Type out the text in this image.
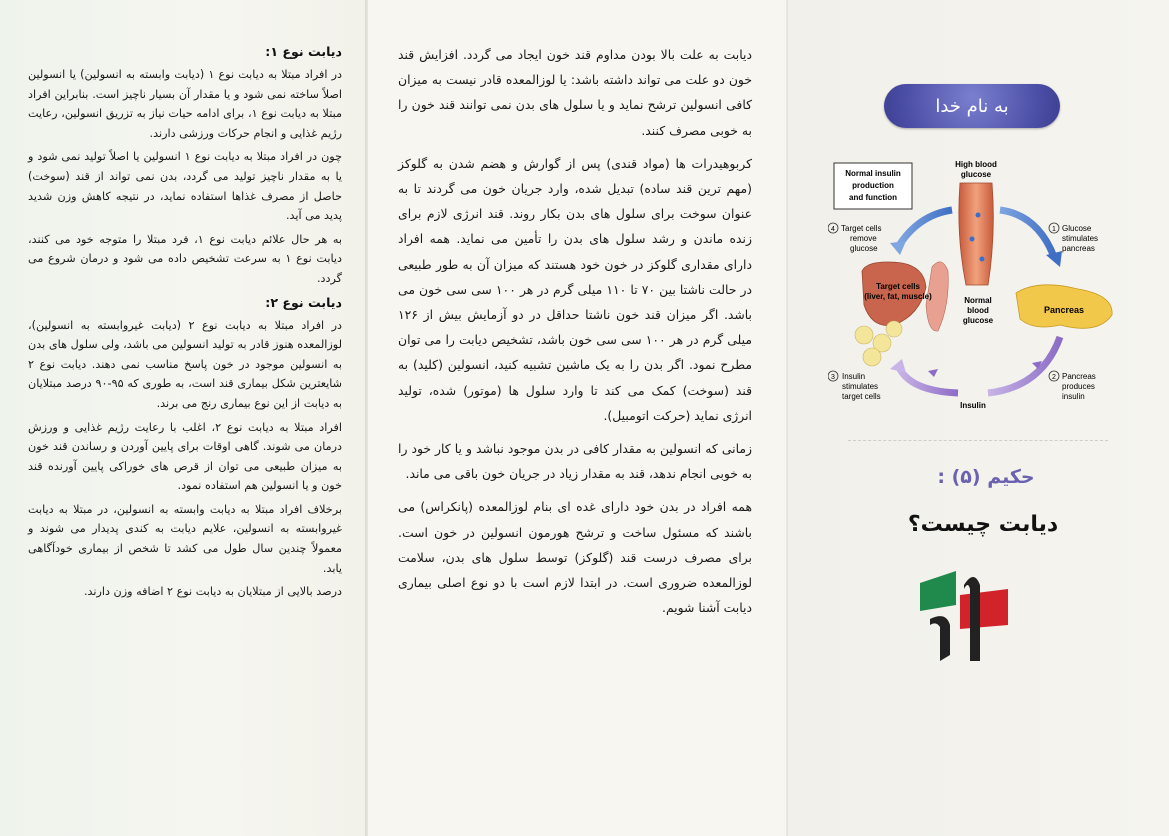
دیابت نوع ۱:

در افراد مبتلا به دیابت نوع ۱ (دیابت وابسته به انسولین) یا انسولین اصلاً ساخته نمی شود و یا مقدار آن بسیار ناچیز است. بنابراین افراد مبتلا به دیابت نوع ۱، برای ادامه حیات نیاز به تزریق انسولین، رعایت رژیم غذایی و انجام حرکات ورزشی دارند.

چون در افراد مبتلا به دیابت نوع ۱ انسولین یا اصلاً تولید نمی شود و یا به مقدار ناچیز تولید می گردد، بدن نمی تواند از قند (سوخت) حاصل از مصرف غذاها استفاده نماید، در نتیجه کاهش وزن شدید پدید می آید.

به هر حال علائم دیابت نوع ۱، فرد مبتلا را متوجه خود می کنند، دیابت نوع ۱ به سرعت تشخیص داده می شود و درمان شروع می گردد.

دیابت نوع ۲:

در افراد مبتلا به دیابت نوع ۲ (دیابت غیروابسته به انسولین)، لوزالمعده هنوز قادر به تولید انسولین می باشد، ولی سلول های بدن به انسولین موجود در خون پاسخ مناسب نمی دهند. دیابت نوع ۲ شایعترین شکل بیماری قند است، به طوری که ۹۵-۹۰ درصد مبتلایان به دیابت از این نوع بیماری رنج می برند.

افراد مبتلا به دیابت نوع ۲، اغلب با رعایت رژیم غذایی و ورزش درمان می شوند. گاهی اوقات برای پایین آوردن و رساندن قند خون به میزان طبیعی می توان از قرص های خوراکی پایین آورنده قند خون و یا انسولین هم استفاده نمود.

برخلاف افراد مبتلا به دیابت وابسته به انسولین، در مبتلا به دیابت غیروابسته به انسولین، علایم دیابت به کندی پدیدار می شوند و معمولاً چندین سال طول می کشد تا شخص از بیماری خودآگاهی یابد.

درصد بالایی از مبتلایان به دیابت نوع ۲ اضافه وزن دارند.

دیابت به علت بالا بودن مداوم قند خون ایجاد می گردد. افزایش قند خون دو علت می تواند داشته باشد: یا لوزالمعده قادر نیست به میزان کافی انسولین ترشح نماید و یا سلول های بدن نمی توانند قند خون را به خوبی مصرف کنند.

کربوهیدرات ها (مواد قندی) پس از گوارش و هضم شدن به گلوکز (مهم ترین قند ساده) تبدیل شده، وارد جریان خون می گردند تا به عنوان سوخت برای سلول های بدن بکار روند. قند انرژی لازم برای زنده ماندن و رشد سلول های بدن را تأمین می نماید. همه افراد دارای مقداری گلوکز در خون خود هستند که میزان آن به طور طبیعی در حالت ناشتا بین ۷۰ تا ۱۱۰ میلی گرم در هر ۱۰۰ سی سی خون می باشد. اگر میزان قند خون ناشتا حداقل در دو آزمایش بیش از ۱۲۶ میلی گرم در هر ۱۰۰ سی سی خون باشد، تشخیص دیابت را می توان مطرح نمود. اگر بدن را به یک ماشین تشبیه کنید، انسولین (کلید) به قند (سوخت) کمک می کند تا وارد سلول ها (موتور) شده، تولید انرژی نماید (حرکت اتومبیل).

زمانی که انسولین به مقدار کافی در بدن موجود نباشد و یا کار خود را به خوبی انجام ندهد، قند به مقدار زیاد در جریان خون باقی می ماند.

همه افراد در بدن خود دارای غده ای بنام لوزالمعده (پانکراس) می باشند که مسئول ساخت و ترشح هورمون انسولین در خون است. برای مصرف درست قند (گلوکز) توسط سلول های بدن، سلامت لوزالمعده ضروری است. در ابتدا لازم است با دو نوع اصلی بیماری دیابت آشنا شویم.

به نام خدا
Normal insulin
production
and function
High blood
glucose
4 Target cells
remove
glucose
1 Glucose
stimulates
pancreas
Target cells
(liver, fat, muscle)	Normal
blood
glucose
Pancreas
Insulin
3 Insulin
stimulates
target cells
2 Pancreas
produces
insulin
حکیم (۵) :
دیابت چیست؟
